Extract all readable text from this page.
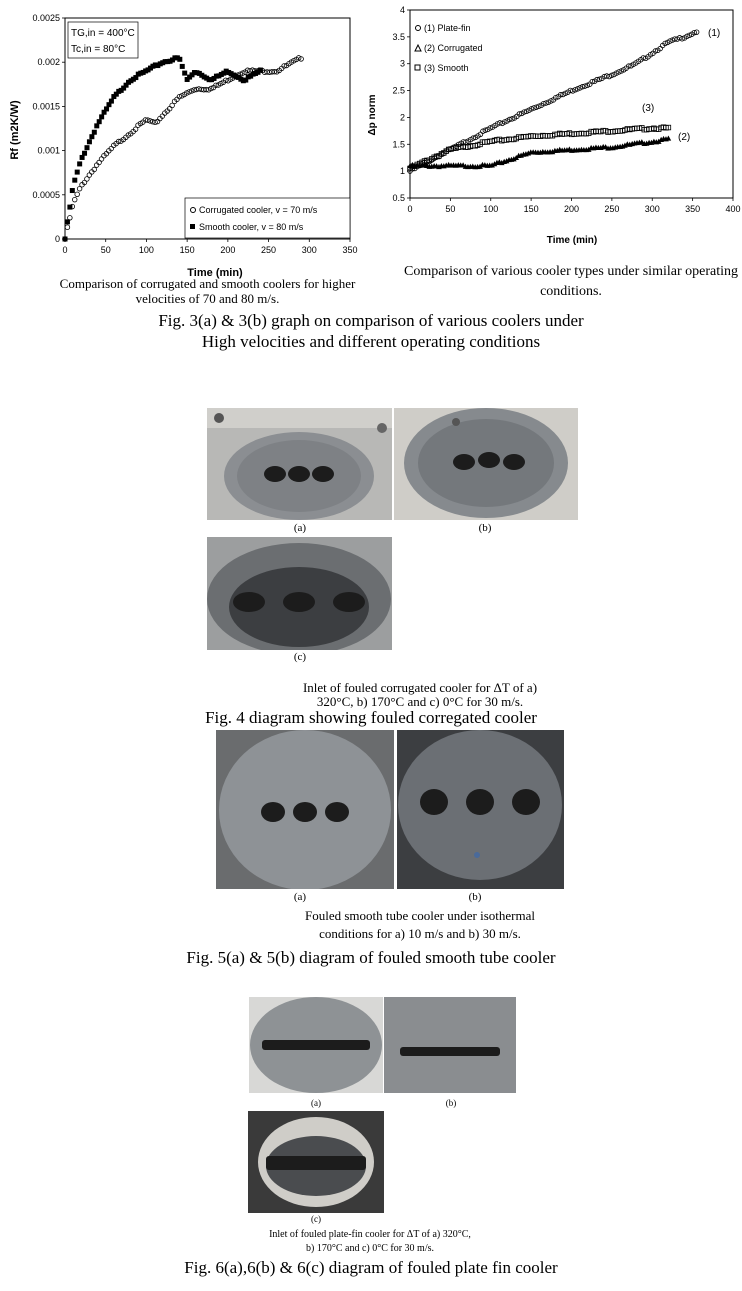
0
0.0005
0.001
0.0015
0.002
0.0025
0	50	100	150	200	250	300	350
Rf (m2K/W)
Time (min)
TG,in = 400°C
Tc,in = 80°C
Corrugated cooler, v = 70 m/s
Smooth cooler, v = 80 m/s
0.5
1
1.5
2
2.5
3
3.5
4
0	50	100	150	200	250	300	350	400
Δp norm
Time (min)
(1) Plate-fin
(2) Corrugated
(3) Smooth
(1)
(2)
(3)
Comparison of corrugated and smooth coolers for higher velocities of 70 and 80 m/s.
Comparison of various cooler types under similar operating conditions.
Fig. 3(a) & 3(b) graph on comparison of various coolers under
High velocities and different operating conditions
(a)	(b)
(c)
Inlet of fouled corrugated cooler for ΔT of a)
320°C, b) 170°C and c) 0°C for 30 m/s.
Fig. 4 diagram showing fouled corregated cooler
(a)	(b)
Fouled smooth tube cooler under isothermal
conditions for a) 10 m/s and b) 30 m/s.
Fig. 5(a) & 5(b) diagram of fouled smooth tube cooler
(a)	(b)
(c)
Inlet of fouled plate-fin cooler for ΔT of a) 320°C,
b) 170°C and c) 0°C for 30 m/s.
Fig. 6(a),6(b) & 6(c) diagram of fouled plate fin cooler
